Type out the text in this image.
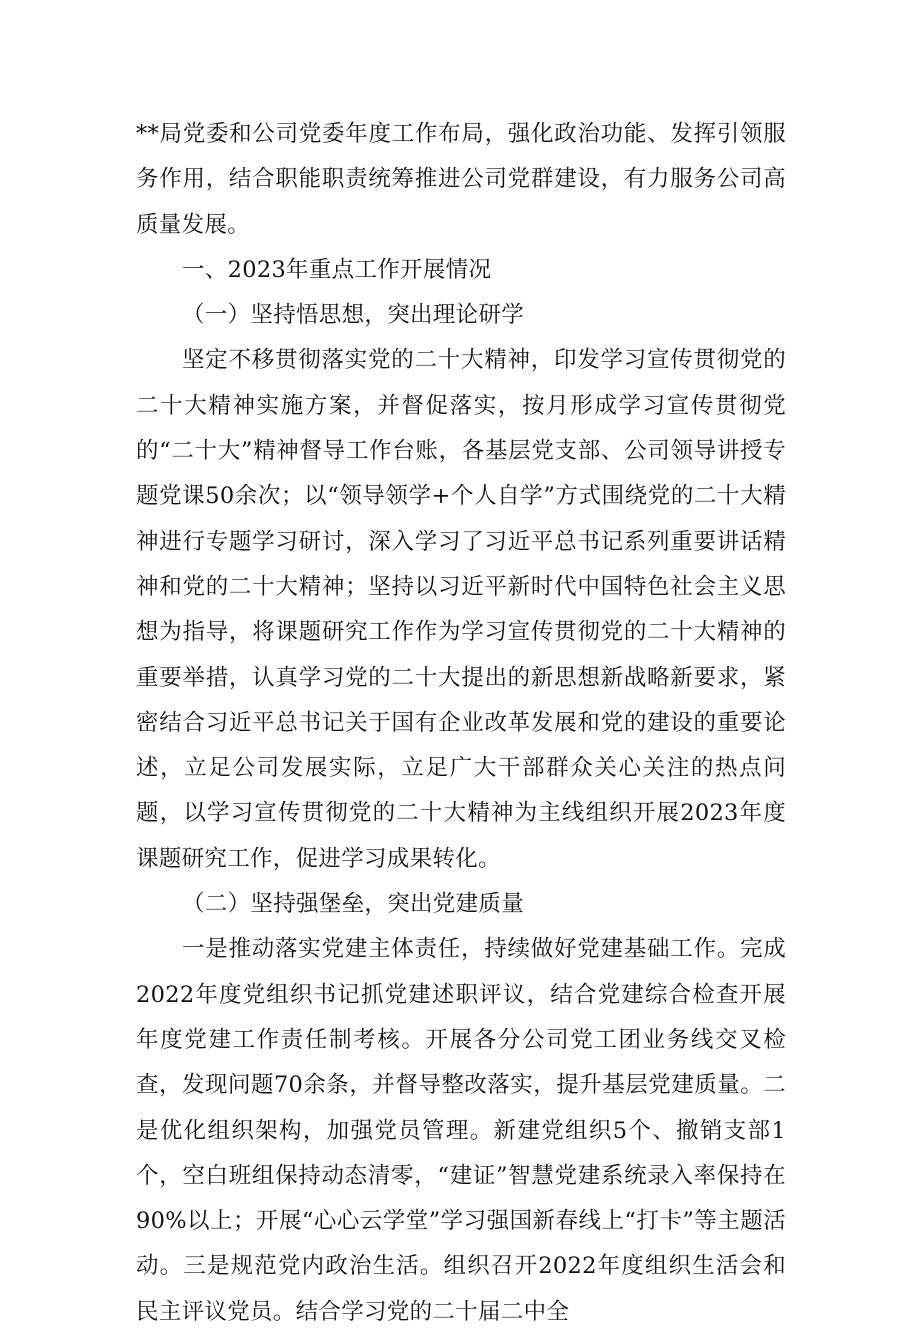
**局党委和公司党委年度工作布局，强化政治功能、发挥引领服务作用，结合职能职责统筹推进公司党群建设，有力服务公司高质量发展。

一、2023年重点工作开展情况

（一）坚持悟思想，突出理论研学

坚定不移贯彻落实党的二十大精神，印发学习宣传贯彻党的二十大精神实施方案，并督促落实，按月形成学习宣传贯彻党的“二十大”精神督导工作台账，各基层党支部、公司领导讲授专题党课50余次；以“领导领学+个人自学”方式围绕党的二十大精神进行专题学习研讨，深入学习了习近平总书记系列重要讲话精神和党的二十大精神；坚持以习近平新时代中国特色社会主义思想为指导，将课题研究工作作为学习宣传贯彻党的二十大精神的重要举措，认真学习党的二十大提出的新思想新战略新要求，紧密结合习近平总书记关于国有企业改革发展和党的建设的重要论述，立足公司发展实际，立足广大干部群众关心关注的热点问题，以学习宣传贯彻党的二十大精神为主线组织开展2023年度课题研究工作，促进学习成果转化。

（二）坚持强堡垒，突出党建质量

一是推动落实党建主体责任，持续做好党建基础工作。完成2022年度党组织书记抓党建述职评议，结合党建综合检查开展年度党建工作责任制考核。开展各分公司党工团业务线交叉检查，发现问题70余条，并督导整改落实，提升基层党建质量。二是优化组织架构，加强党员管理。新建党组织5个、撤销支部1个，空白班组保持动态清零，“建证”智慧党建系统录入率保持在90%以上；开展“心心云学堂”学习强国新春线上“打卡”等主题活动。三是规范党内政治生活。组织召开2022年度组织生活会和民主评议党员。结合学习党的二十届二中全
